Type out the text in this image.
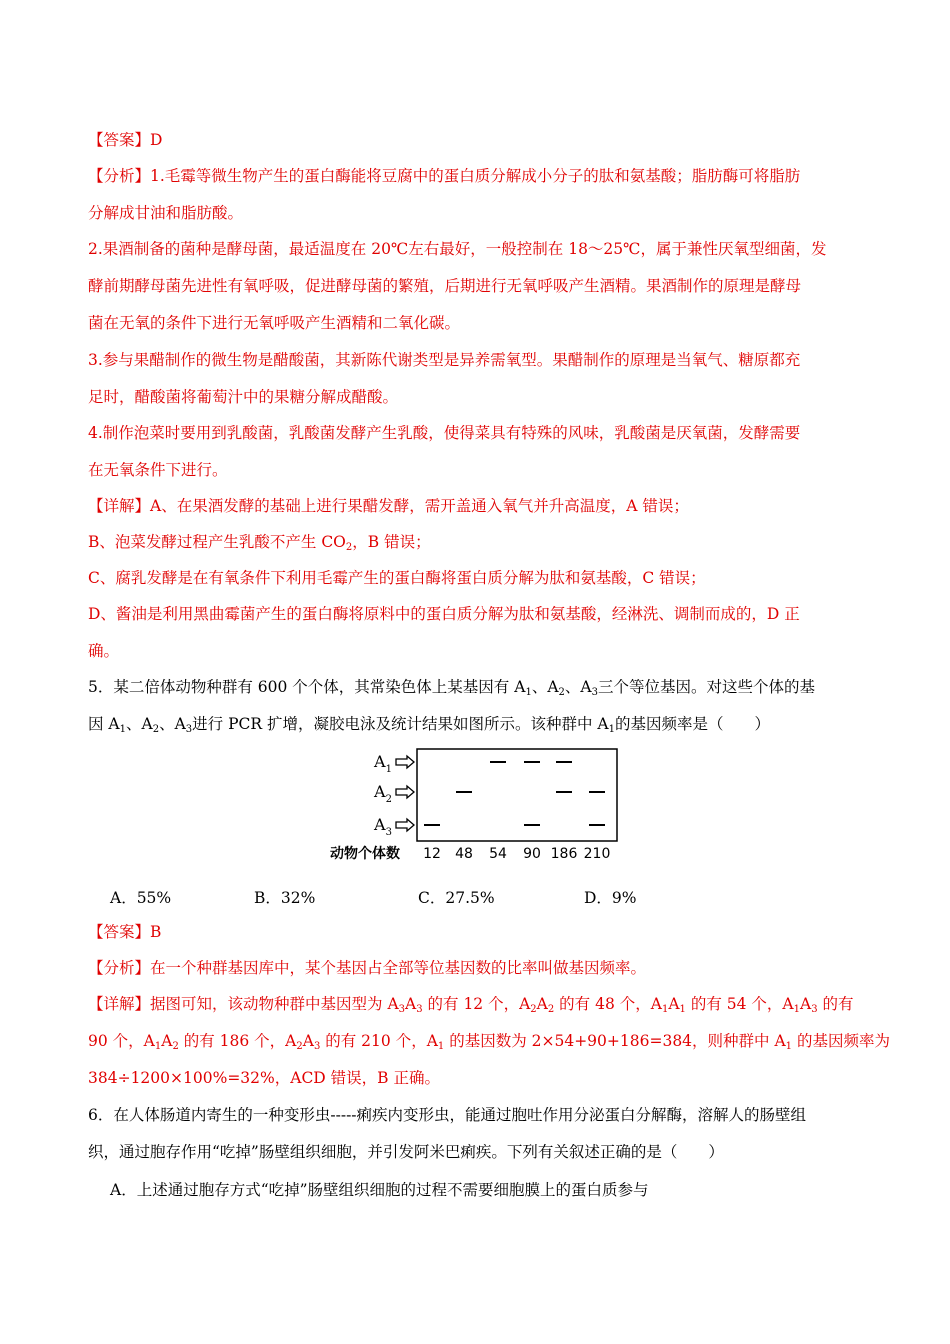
【答案】D
【分析】1.毛霉等微生物产生的蛋白酶能将豆腐中的蛋白质分解成小分子的肽和氨基酸；脂肪酶可将脂肪
分解成甘油和脂肪酸。
2.果酒制备的菌种是酵母菌，最适温度在 20℃左右最好，一般控制在 18～25℃，属于兼性厌氧型细菌，发
酵前期酵母菌先进性有氧呼吸，促进酵母菌的繁殖，后期进行无氧呼吸产生酒精。果酒制作的原理是酵母
菌在无氧的条件下进行无氧呼吸产生酒精和二氧化碳。
3.参与果醋制作的微生物是醋酸菌，其新陈代谢类型是异养需氧型。果醋制作的原理是当氧气、糖原都充
足时，醋酸菌将葡萄汁中的果糖分解成醋酸。
4.制作泡菜时要用到乳酸菌，乳酸菌发酵产生乳酸，使得菜具有特殊的风味，乳酸菌是厌氧菌，发酵需要
在无氧条件下进行。
【详解】A、在果酒发酵的基础上进行果醋发酵，需开盖通入氧气并升高温度，A 错误；
B、泡菜发酵过程产生乳酸不产生 $CO_2$，B 错误；
C、腐乳发酵是在有氧条件下利用毛霉产生的蛋白酶将蛋白质分解为肽和氨基酸，C 错误；
D、酱油是利用黑曲霉菌产生的蛋白酶将原料中的蛋白质分解为肽和氨基酸，经淋洗、调制而成的，D 正
确。
5．某二倍体动物种群有 600 个个体，其常染色体上某基因有 $A_1$、$A_2$、$A_3$三个等位基因。对这些个体的基
因 $A_1$、$A_2$、$A_3$进行 PCR 扩增，凝胶电泳及统计结果如图所示。该种群中 $A_1$的基因频率是（　　）
$A_1$
$A_2$
$A_3$
动物个体数 12 48 54 90 186 210
A．55%	B．32%	C．27.5%	D．9%
【答案】B
【分析】在一个种群基因库中，某个基因占全部等位基因数的比率叫做基因频率。
【详解】据图可知，该动物种群中基因型为 $A_3A_3$ 的有 12 个，$A_2A_2$ 的有 48 个，$A_1A_1$ 的有 54 个，$A_1A_3$ 的有
90 个，$A_1A_2$ 的有 186 个，$A_2A_3$ 的有 210 个，$A_1$ 的基因数为 2×54+90+186=384，则种群中 $A_1$ 的基因频率为
384÷1200×100%=32%，ACD 错误，B 正确。
6．在人体肠道内寄生的一种变形虫-----痢疾内变形虫，能通过胞吐作用分泌蛋白分解酶，溶解人的肠壁组
织，通过胞存作用“吃掉”肠壁组织细胞，并引发阿米巴痢疾。下列有关叙述正确的是（　　）
A．上述通过胞存方式“吃掉”肠壁组织细胞的过程不需要细胞膜上的蛋白质参与
